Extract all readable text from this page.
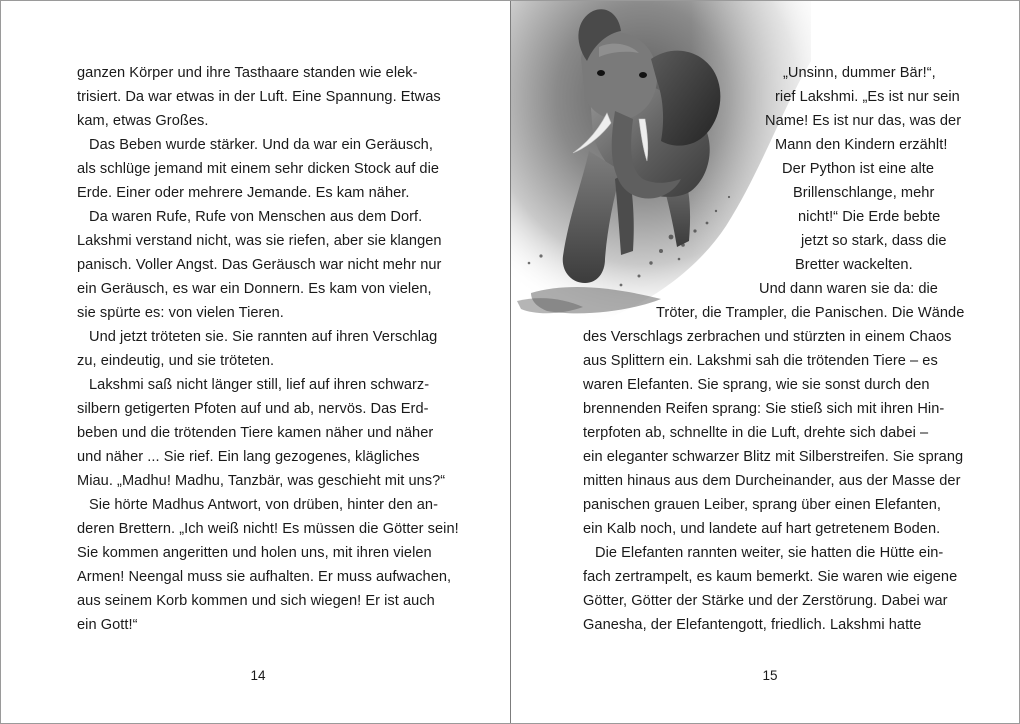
ganzen Körper und ihre Tasthaare standen wie elek-
trisiert. Da war etwas in der Luft. Eine Spannung. Etwas
kam, etwas Großes.
Das Beben wurde stärker. Und da war ein Geräusch,
als schlüge jemand mit einem sehr dicken Stock auf die
Erde. Einer oder mehrere Jemande. Es kam näher.
Da waren Rufe, Rufe von Menschen aus dem Dorf.
Lakshmi verstand nicht, was sie riefen, aber sie klangen
panisch. Voller Angst. Das Geräusch war nicht mehr nur
ein Geräusch, es war ein Donnern. Es kam von vielen,
sie spürte es: von vielen Tieren.
Und jetzt tröteten sie. Sie rannten auf ihren Verschlag
zu, eindeutig, und sie tröteten.
Lakshmi saß nicht länger still, lief auf ihren schwarz-
silbern getigerten Pfoten auf und ab, nervös. Das Erd-
beben und die trötenden Tiere kamen näher und näher
und näher ... Sie rief. Ein lang gezogenes, klägliches
Miau. „Madhu! Madhu, Tanzbär, was geschieht mit uns?“
Sie hörte Madhus Antwort, von drüben, hinter den an-
deren Brettern. „Ich weiß nicht! Es müssen die Götter sein!
Sie kommen angeritten und holen uns, mit ihren vielen
Armen! Neengal muss sie aufhalten. Er muss aufwachen,
aus seinem Korb kommen und sich wiegen! Er ist auch
ein Gott!“
14
„Unsinn, dummer Bär!“,
rief Lakshmi. „Es ist nur sein
Name! Es ist nur das, was der
Mann den Kindern erzählt!
Der Python ist eine alte
Brillenschlange, mehr
nicht!“ Die Erde bebte
jetzt so stark, dass die
Bretter wackelten.
Und dann waren sie da: die
Tröter, die Trampler, die Panischen. Die Wände
des Verschlags zerbrachen und stürzten in einem Chaos
aus Splittern ein. Lakshmi sah die trötenden Tiere – es
waren Elefanten. Sie sprang, wie sie sonst durch den
brennenden Reifen sprang: Sie stieß sich mit ihren Hin-
terpfoten ab, schnellte in die Luft, drehte sich dabei –
ein eleganter schwarzer Blitz mit Silberstreifen. Sie sprang
mitten hinaus aus dem Durcheinander, aus der Masse der
panischen grauen Leiber, sprang über einen Elefanten,
ein Kalb noch, und landete auf hart getretenem Boden.
Die Elefanten rannten weiter, sie hatten die Hütte ein-
fach zertrampelt, es kaum bemerkt. Sie waren wie eigene
Götter, Götter der Stärke und der Zerstörung. Dabei war
Ganesha, der Elefantengott, friedlich. Lakshmi hatte
15
